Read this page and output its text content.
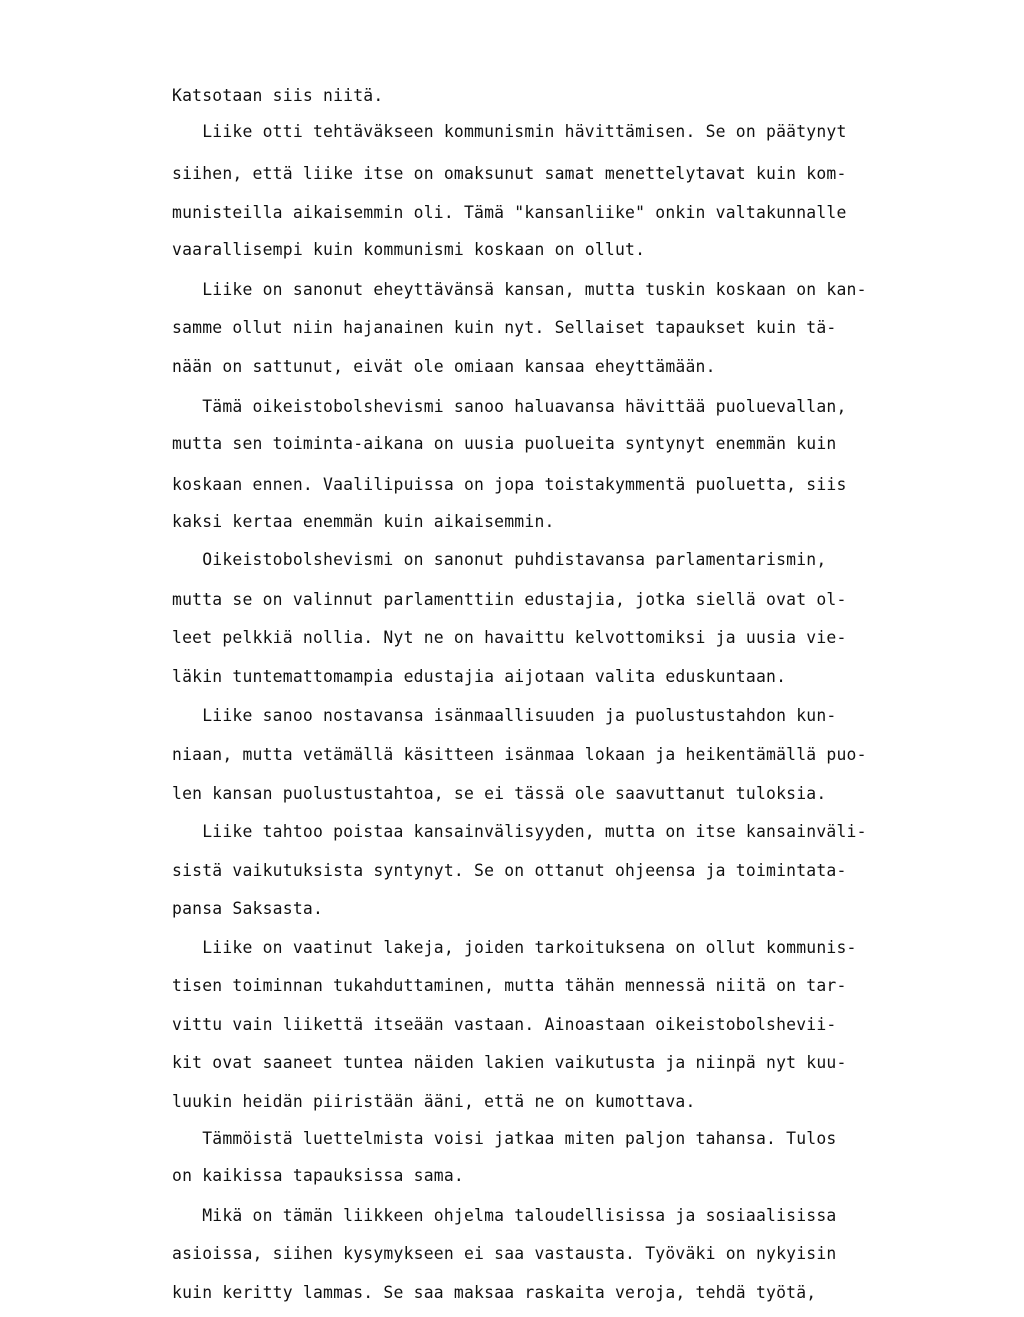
Katsotaan siis niitä.
Liike otti tehtäväkseen kommunismin hävittämisen. Se on päätynyt
siihen, että liike itse on omaksunut samat menettelytavat kuin kom-
munisteilla aikaisemmin oli. Tämä "kansanliike" onkin valtakunnalle
vaarallisempi kuin kommunismi koskaan on ollut.
Liike on sanonut eheyttävänsä kansan, mutta tuskin koskaan on kan-
samme ollut niin hajanainen kuin nyt. Sellaiset tapaukset kuin tä-
nään on sattunut, eivät ole omiaan kansaa eheyttämään.
Tämä oikeistobolshevismi sanoo haluavansa hävittää puoluevallan,
mutta sen toiminta-aikana on uusia puolueita syntynyt enemmän kuin
koskaan ennen. Vaalilipuissa on jopa toistakymmentä puoluetta, siis
kaksi kertaa enemmän kuin aikaisemmin.
Oikeistobolshevismi on sanonut puhdistavansa parlamentarismin,
mutta se on valinnut parlamenttiin edustajia, jotka siellä ovat ol-
leet pelkkiä nollia. Nyt ne on havaittu kelvottomiksi ja uusia vie-
läkin tuntemattomampia edustajia aijotaan valita eduskuntaan.
Liike sanoo nostavansa isänmaallisuuden ja puolustustahdon kun-
niaan, mutta vetämällä käsitteen isänmaa lokaan ja heikentämällä puo-
len kansan puolustustahtoa, se ei tässä ole saavuttanut tuloksia.
Liike tahtoo poistaa kansainvälisyyden, mutta on itse kansainväli-
sistä vaikutuksista syntynyt. Se on ottanut ohjeensa ja toimintata-
pansa Saksasta.
Liike on vaatinut lakeja, joiden tarkoituksena on ollut kommunis-
tisen toiminnan tukahduttaminen, mutta tähän mennessä niitä on tar-
vittu vain liikettä itseään vastaan. Ainoastaan oikeistobolshevii-
kit ovat saaneet tuntea näiden lakien vaikutusta ja niinpä nyt kuu-
luukin heidän piiristään ääni, että ne on kumottava.
Tämmöistä luettelmista voisi jatkaa miten paljon tahansa. Tulos
on kaikissa tapauksissa sama.
Mikä on tämän liikkeen ohjelma taloudellisissa ja sosiaalisissa
asioissa, siihen kysymykseen ei saa vastausta. Työväki on nykyisin
kuin keritty lammas. Se saa maksaa raskaita veroja, tehdä työtä,
